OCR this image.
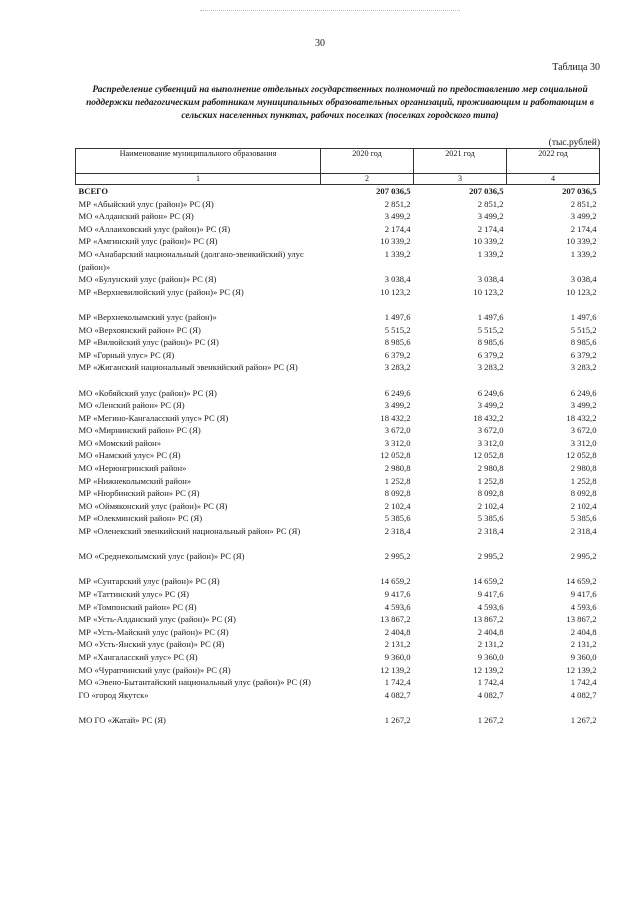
30
Таблица 30
Распределение субвенций на выполнение отдельных государственных полномочий по предоставлению мер социальной поддержки педагогическим работникам муниципальных образовательных организаций, проживающим и работающим в сельских населенных пунктах, рабочих поселках (поселках городского типа)
(тыс.рублей)
Наименование муниципального образования	2020 год	2021 год	2022 год
1	2	3	4
ВСЕГО	207 036,5	207 036,5	207 036,5
МР «Абыйский улус (район)» РС (Я)	2 851,2	2 851,2	2 851,2
МО «Алданский район» РС (Я)	3 499,2	3 499,2	3 499,2
МО «Аллаиховский улус (район)» РС (Я)	2 174,4	2 174,4	2 174,4
МР «Амгинский улус (район)» РС (Я)	10 339,2	10 339,2	10 339,2
МО «Анабарский национальный (долгано-эвенкийский) улус (район)»	1 339,2	1 339,2	1 339,2
МО «Булунский улус (район)» РС (Я)	3 038,4	3 038,4	3 038,4
МР «Верхневилюйский улус (район)» РС (Я)	10 123,2	10 123,2	10 123,2

МР «Верхнеколымский улус (район)»	1 497,6	1 497,6	1 497,6
МО «Верхоянский район» РС (Я)	5 515,2	5 515,2	5 515,2
МР «Вилюйский улус (район)» РС (Я)	8 985,6	8 985,6	8 985,6
МР «Горный улус» РС (Я)	6 379,2	6 379,2	6 379,2
МР «Жиганский национальный эвенкийский район» РС (Я)	3 283,2	3 283,2	3 283,2

МО «Кобяйский улус (район)» РС (Я)	6 249,6	6 249,6	6 249,6
МО «Ленский район» РС (Я)	3 499,2	3 499,2	3 499,2
МР «Мегино-Кангаласский улус» РС (Я)	18 432,2	18 432,2	18 432,2
МО «Мирнинский район» РС (Я)	3 672,0	3 672,0	3 672,0
МО «Момский район»	3 312,0	3 312,0	3 312,0
МО «Намский улус» РС (Я)	12 052,8	12 052,8	12 052,8
МО «Нерюнгринский район»	2 980,8	2 980,8	2 980,8
МР «Нижнеколымский район»	1 252,8	1 252,8	1 252,8
МР «Нюрбинский район» РС (Я)	8 092,8	8 092,8	8 092,8
МО «Оймяконский улус (район)» РС (Я)	2 102,4	2 102,4	2 102,4
МР «Олекминский район» РС (Я)	5 385,6	5 385,6	5 385,6
МР «Оленекский эвенкийский национальный район» РС (Я)	2 318,4	2 318,4	2 318,4

МО «Среднеколымский улус (район)» РС (Я)	2 995,2	2 995,2	2 995,2

МР «Сунтарский улус (район)» РС (Я)	14 659,2	14 659,2	14 659,2
МР «Таттинский улус» РС (Я)	9 417,6	9 417,6	9 417,6
МР «Томпонский район» РС (Я)	4 593,6	4 593,6	4 593,6
МР «Усть-Алданский улус (район)» РС (Я)	13 867,2	13 867,2	13 867,2
МР «Усть-Майский улус (район)» РС (Я)	2 404,8	2 404,8	2 404,8
МО «Усть-Янский улус (район)» РС (Я)	2 131,2	2 131,2	2 131,2
МР «Хангаласский улус» РС (Я)	9 360,0	9 360,0	9 360,0
МО «Чурапчинский улус (район)» РС (Я)	12 139,2	12 139,2	12 139,2
МО «Эвено-Бытантайский национальный улус (район)» РС (Я)	1 742,4	1 742,4	1 742,4
ГО «город Якутск»	4 082,7	4 082,7	4 082,7
МО ГО «Жатай» РС (Я)	1 267,2	1 267,2	1 267,2
